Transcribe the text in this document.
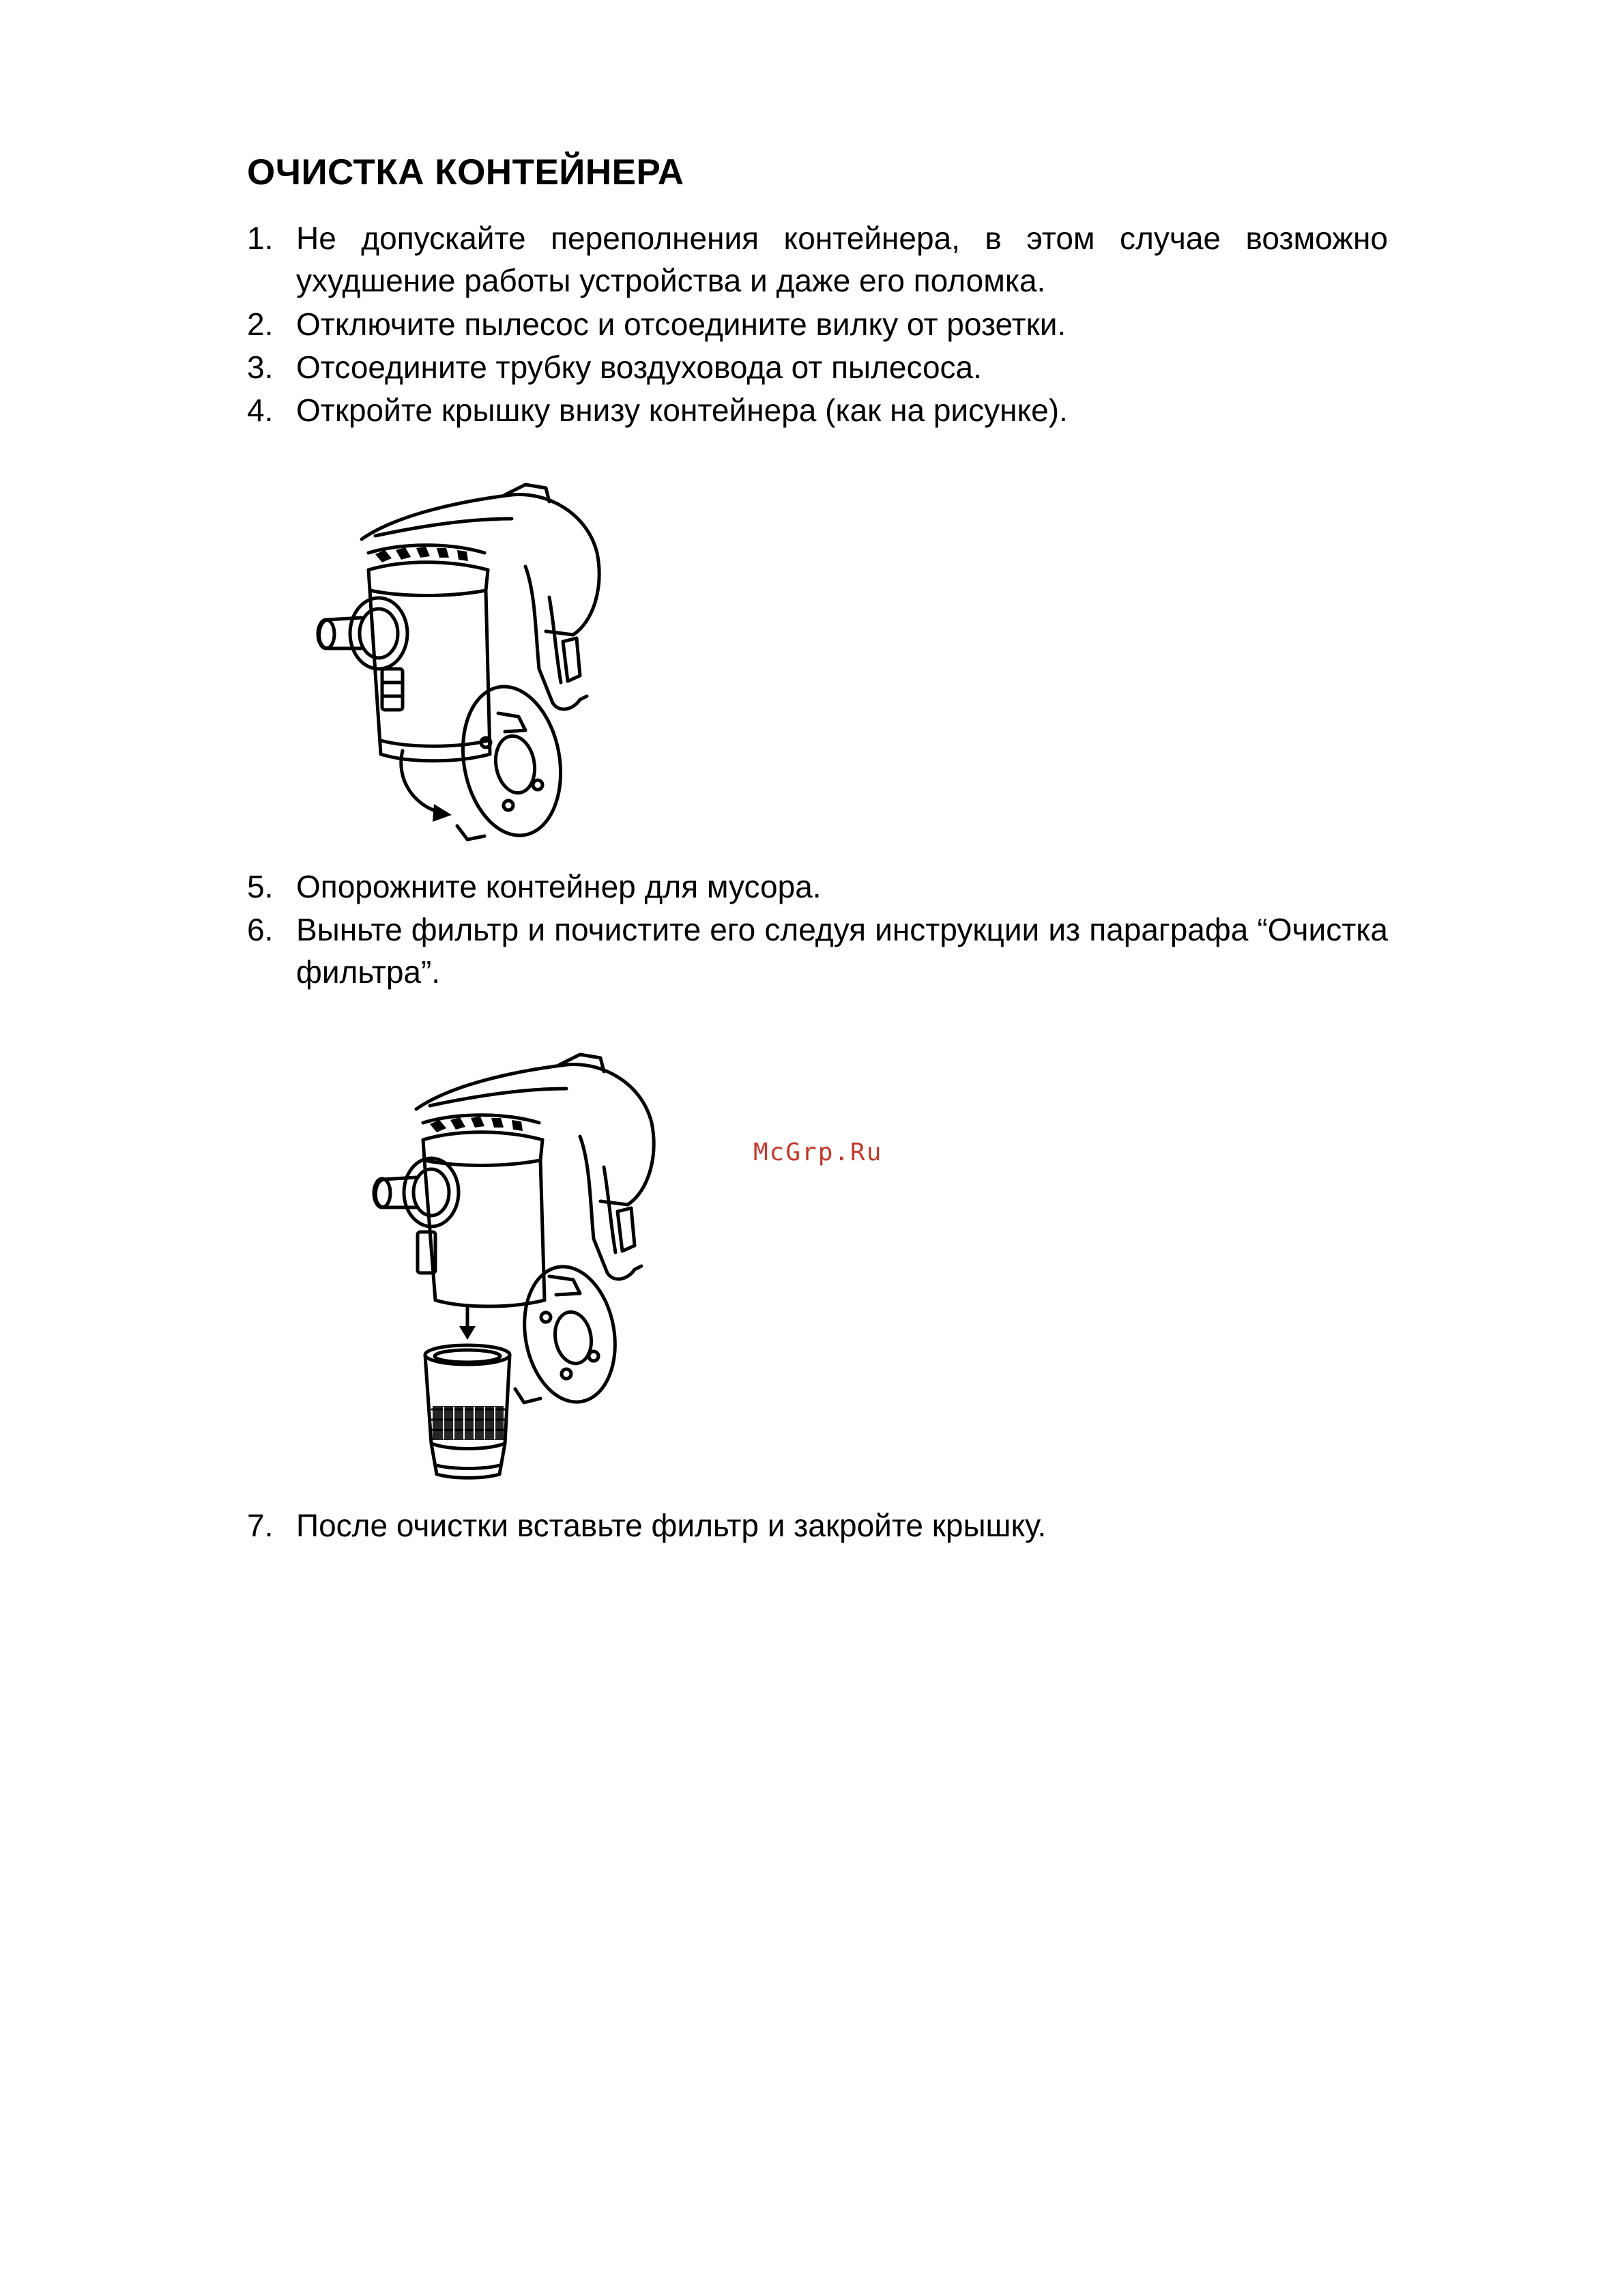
ОЧИСТКА КОНТЕЙНЕРА
1. Не допускайте переполнения контейнера, в этом случае возможно ухудшение работы устройства и даже его поломка.
2. Отключите пылесос и отсоедините вилку от розетки.
3. Отсоедините трубку воздуховода от пылесоса.
4. Откройте крышку внизу контейнера (как на рисунке).
5. Опорожните контейнер для мусора.
6. Выньте фильтр и почистите его следуя инструкции из параграфа “Очистка фильтра”.
McGrp.Ru
7. После очистки вставьте фильтр и закройте крышку.
